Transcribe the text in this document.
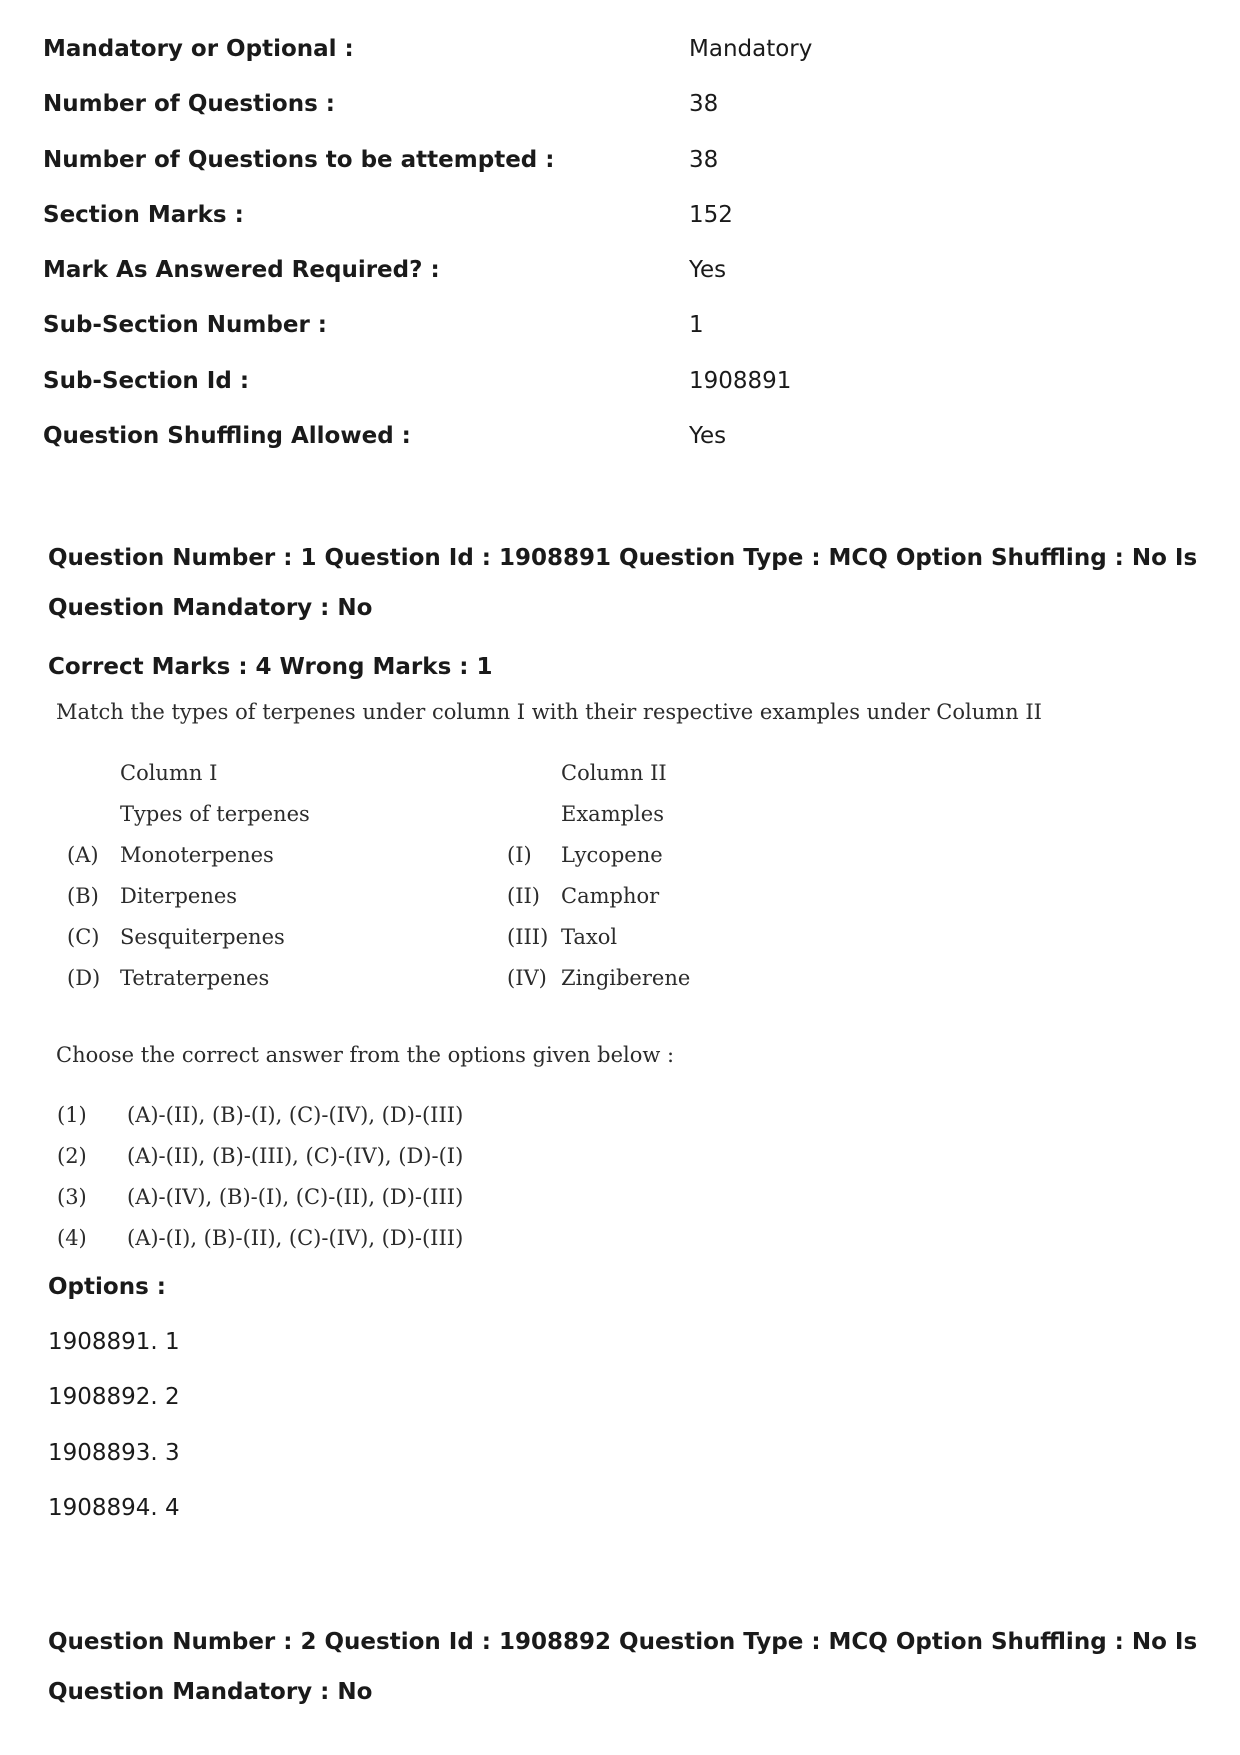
Mandatory or Optional :	Mandatory
Number of Questions :	38
Number of Questions to be attempted :	38
Section Marks :	152
Mark As Answered Required? :	Yes
Sub-Section Number :	1
Sub-Section Id :	1908891
Question Shuffling Allowed :	Yes
Question Number : 1 Question Id : 1908891 Question Type : MCQ Option Shuffling : No Is
Question Mandatory : No
Correct Marks : 4 Wrong Marks : 1
Match the types of terpenes under column I with their respective examples under Column II
Column I	Column II
Types of terpenes	Examples
(A) Monoterpenes	(I) Lycopene
(B) Diterpenes	(II) Camphor
(C) Sesquiterpenes	(III) Taxol
(D) Tetraterpenes	(IV) Zingiberene
Choose the correct answer from the options given below :
(1) (A)-(II), (B)-(I), (C)-(IV), (D)-(III)
(2) (A)-(II), (B)-(III), (C)-(IV), (D)-(I)
(3) (A)-(IV), (B)-(I), (C)-(II), (D)-(III)
(4) (A)-(I), (B)-(II), (C)-(IV), (D)-(III)
Options :
1908891. 1
1908892. 2
1908893. 3
1908894. 4
Question Number : 2 Question Id : 1908892 Question Type : MCQ Option Shuffling : No Is
Question Mandatory : No
